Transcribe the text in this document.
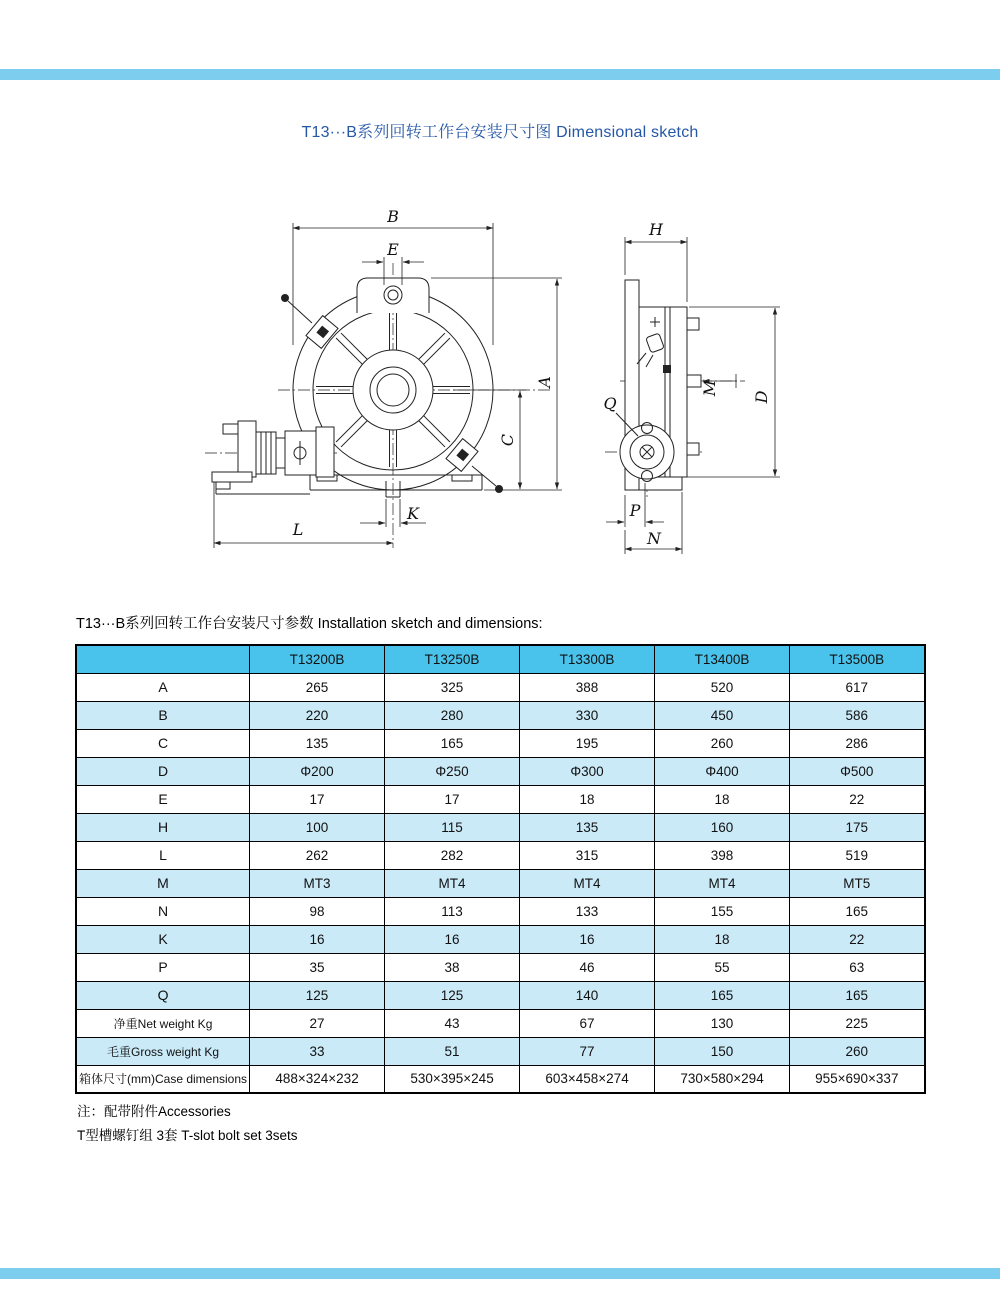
T13···B系列回转工作台安装尺寸图 Dimensional sketch
B
E
A
C
K
L
H
D
M
Q
P
N
T13···B系列回转工作台安装尺寸参数 Installation sketch and dimensions:
	T13200B	T13250B	T13300B	T13400B	T13500B
A	265	325	388	520	617
B	220	280	330	450	586
C	135	165	195	260	286
D	Φ200	Φ250	Φ300	Φ400	Φ500
E	17	17	18	18	22
H	100	115	135	160	175
L	262	282	315	398	519
M	MT3	MT4	MT4	MT4	MT5
N	98	113	133	155	165
K	16	16	16	18	22
P	35	38	46	55	63
Q	125	125	140	165	165
净重Net weight Kg	27	43	67	130	225
毛重Gross weight Kg	33	51	77	150	260
箱体尺寸(mm)Case dimensions	488×324×232	530×395×245	603×458×274	730×580×294	955×690×337
注：配带附件Accessories
T型槽螺钉组 3套 T-slot bolt set 3sets
